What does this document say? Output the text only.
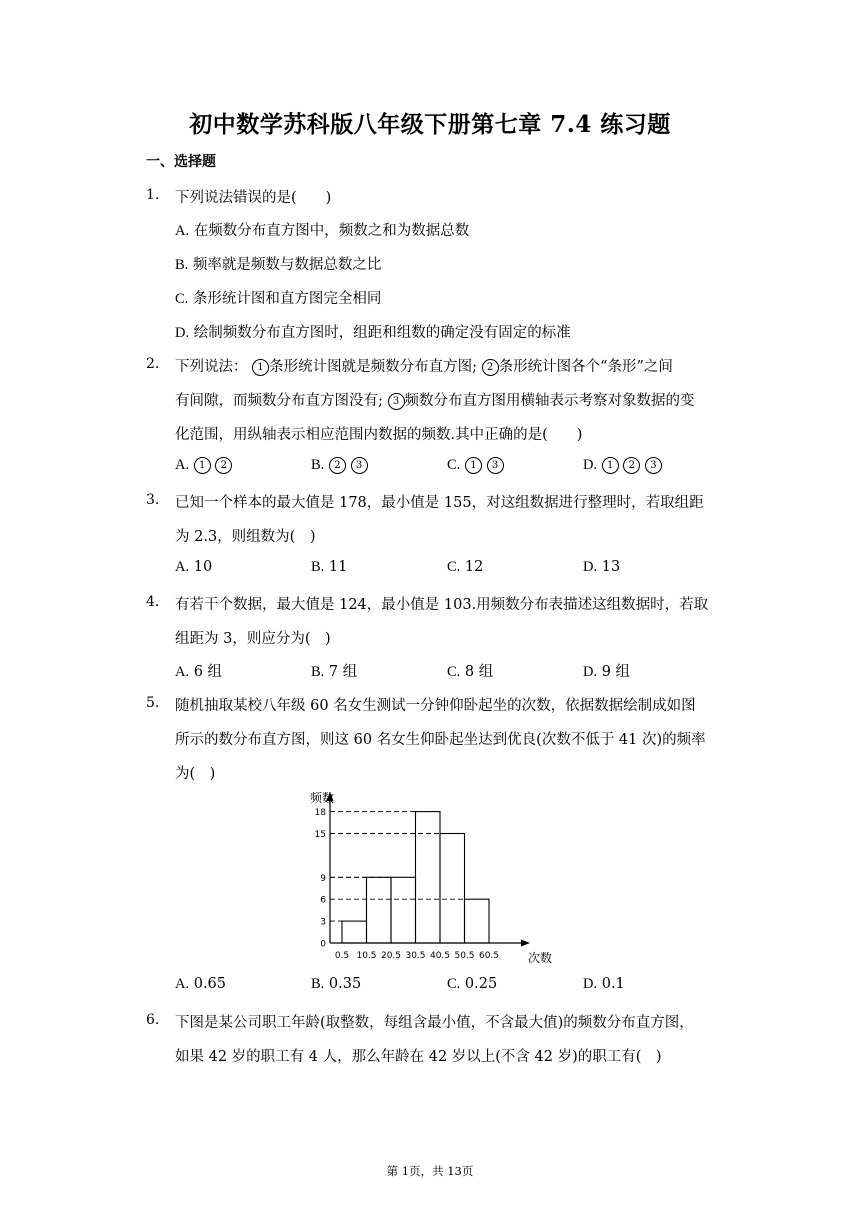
初中数学苏科版八年级下册第七章 7.4 练习题
一、选择题
1. 下列说法错误的是(　　)
A. 在频数分布直方图中，频数之和为数据总数
B. 频率就是频数与数据总数之比
C. 条形统计图和直方图完全相同
D. 绘制频数分布直方图时，组距和组数的确定没有固定的标准
2. 下列说法： 1 条形统计图就是频数分布直方图; 2 条形统计图各个“条形”之间
有间隙，而频数分布直方图没有; 3 频数分布直方图用横轴表示考察对象数据的变
化范围，用纵轴表示相应范围内数据的频数.其中正确的是(　　)
A. 1 2	B. 2 3	C. 1 3	D. 1 2 3
3. 已知一个样本的最大值是 178，最小值是 155，对这组数据进行整理时，若取组距
为 2.3，则组数为(　)
A. 10	B. 11	C. 12	D. 13
4. 有若干个数据，最大值是 124，最小值是 103.用频数分布表描述这组数据时，若取
组距为 3，则应分为(　)
A. 6 组	B. 7 组	C. 8 组	D. 9 组
5. 随机抽取某校八年级 60 名女生测试一分钟仰卧起坐的次数，依据数据绘制成如图
所示的数分布直方图，则这 60 名女生仰卧起坐达到优良(次数不低于 41 次)的频率
为(　)
频数
次数
0
3
6
9
15
18
0.5 10.5 20.5 30.5 40.5 50.5 60.5
A. 0.65	B. 0.35	C. 0.25	D. 0.1
6. 下图是某公司职工年龄(取整数，每组含最小值，不含最大值)的频数分布直方图，
如果 42 岁的职工有 4 人，那么年龄在 42 岁以上(不含 42 岁)的职工有(　)
第 1页，共 13页
